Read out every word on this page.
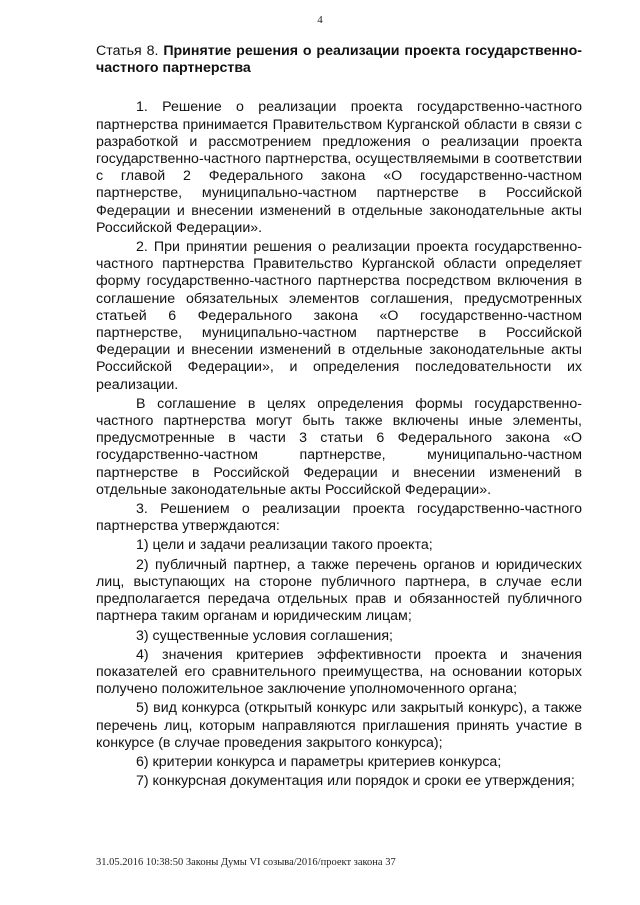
4

Статья 8. Принятие решения о реализации проекта государственно-частного партнерства

1. Решение о реализации проекта государственно-частного партнерства принимается Правительством Курганской области в связи с разработкой и рассмотрением предложения о реализации проекта государственно-частного партнерства, осуществляемыми в соответствии с главой 2 Федерального закона «О государственно-частном партнерстве, муниципально-частном партнерстве в Российской Федерации и внесении изменений в отдельные законодательные акты Российской Федерации».

2. При принятии решения о реализации проекта государственно-частного партнерства Правительство Курганской области определяет форму государственно-частного партнерства посредством включения в соглашение обязательных элементов соглашения, предусмотренных статьей 6 Федерального закона «О государственно-частном партнерстве, муниципально-частном партнерстве в Российской Федерации и внесении изменений в отдельные законодательные акты Российской Федерации», и определения последовательности их реализации.

В соглашение в целях определения формы государственно-частного партнерства могут быть также включены иные элементы, предусмотренные в части 3 статьи 6 Федерального закона «О государственно-частном партнерстве, муниципально-частном партнерстве в Российской Федерации и внесении изменений в отдельные законодательные акты Российской Федерации».

3. Решением о реализации проекта государственно-частного партнерства утверждаются:

1) цели и задачи реализации такого проекта;

2) публичный партнер, а также перечень органов и юридических лиц, выступающих на стороне публичного партнера, в случае если предполагается передача отдельных прав и обязанностей публичного партнера таким органам и юридическим лицам;

3) существенные условия соглашения;

4) значения критериев эффективности проекта и значения показателей его сравнительного преимущества, на основании которых получено положительное заключение уполномоченного органа;

5) вид конкурса (открытый конкурс или закрытый конкурс), а также перечень лиц, которым направляются приглашения принять участие в конкурсе (в случае проведения закрытого конкурса);

6) критерии конкурса и параметры критериев конкурса;

7) конкурсная документация или порядок и сроки ее утверждения;

31.05.2016 10:38:50 Законы Думы VI созыва/2016/проект закона 37
